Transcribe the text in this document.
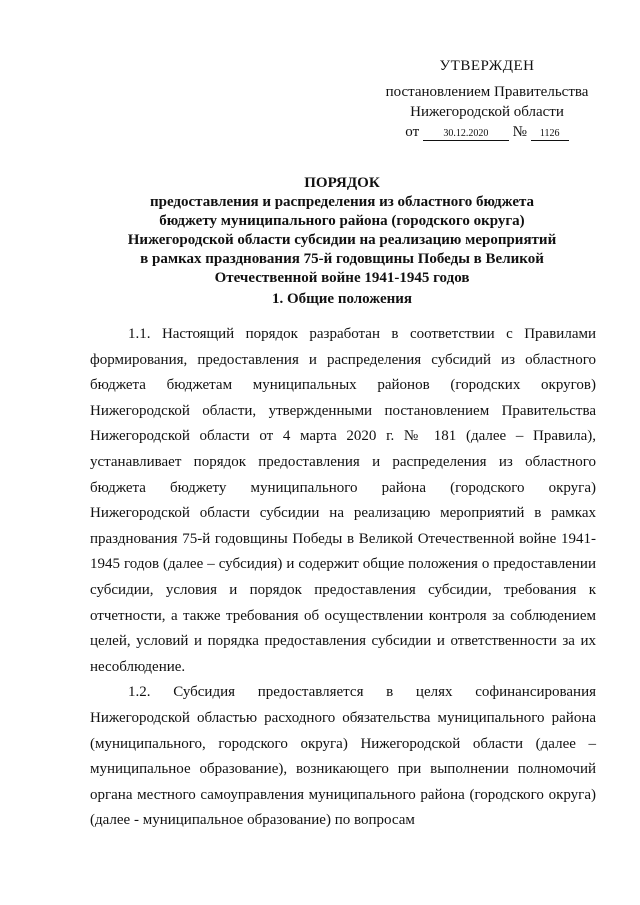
УТВЕРЖДЕН
постановлением Правительства
Нижегородской области
от 30.12.2020 № 1126
ПОРЯДОК
предоставления и распределения из областного бюджета
бюджету муниципального района (городского округа)
Нижегородской области субсидии на реализацию мероприятий
в рамках празднования 75-й годовщины Победы в Великой
Отечественной войне 1941-1945 годов
1. Общие положения

1.1. Настоящий порядок разработан в соответствии с Правилами формирования, предоставления и распределения субсидий из областного бюджета бюджетам муниципальных районов (городских округов) Нижегородской области, утвержденными постановлением Правительства Нижегородской области от 4 марта 2020 г. № 181 (далее – Правила), устанавливает порядок предоставления и распределения из областного бюджета бюджету муниципального района (городского округа) Нижегородской области субсидии на реализацию мероприятий в рамках празднования 75-й годовщины Победы в Великой Отечественной войне 1941-1945 годов (далее – субсидия) и содержит общие положения о предоставлении субсидии, условия и порядок предоставления субсидии, требования к отчетности, а также требования об осуществлении контроля за соблюдением целей, условий и порядка предоставления субсидии и ответственности за их несоблюдение.

1.2. Субсидия предоставляется в целях софинансирования Нижегородской областью расходного обязательства муниципального района (муниципального, городского округа) Нижегородской области (далее – муниципальное образование), возникающего при выполнении полномочий органа местного самоуправления муниципального района (городского округа) (далее - муниципальное образование) по вопросам
